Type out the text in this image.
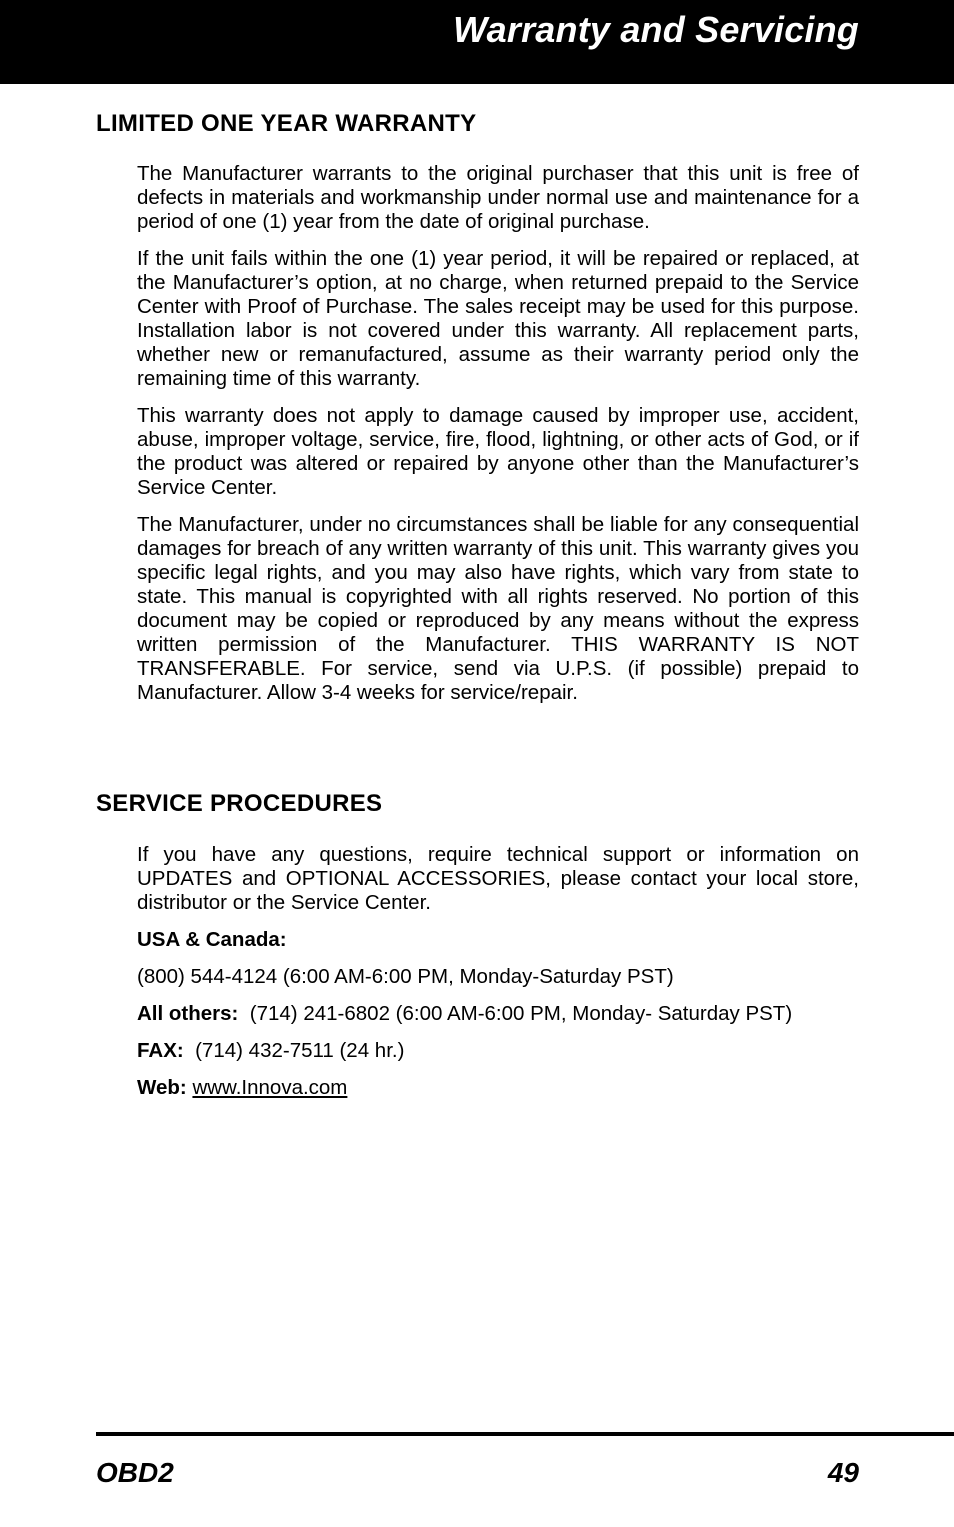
Warranty and Servicing
LIMITED ONE YEAR WARRANTY

The Manufacturer warrants to the original purchaser that this unit is free of defects in materials and workmanship under normal use and maintenance for a period of one (1) year from the date of original purchase.

If the unit fails within the one (1) year period, it will be repaired or replaced, at the Manufacturer’s option, at no charge, when returned prepaid to the Service Center with Proof of Purchase. The sales receipt may be used for this purpose. Installation labor is not covered under this warranty. All replacement parts, whether new or remanufactured, assume as their warranty period only the remaining time of this warranty.

This warranty does not apply to damage caused by improper use, accident, abuse, improper voltage, service, fire, flood, lightning, or other acts of God, or if the product was altered or repaired by anyone other than the Manufacturer’s Service Center.

The Manufacturer, under no circumstances shall be liable for any consequential damages for breach of any written warranty of this unit. This warranty gives you specific legal rights, and you may also have rights, which vary from state to state. This manual is copyrighted with all rights reserved. No portion of this document may be copied or reproduced by any means without the express written permission of the Manufacturer. THIS WARRANTY IS NOT TRANSFERABLE. For service, send via U.P.S. (if possible) prepaid to Manufacturer. Allow 3-4 weeks for service/repair.

SERVICE PROCEDURES

If you have any questions, require technical support or information on UPDATES and OPTIONAL ACCESSORIES, please contact your local store, distributor or the Service Center.

USA & Canada:
(800) 544-4124 (6:00 AM-6:00 PM, Monday-Saturday PST)
All others: (714) 241-6802 (6:00 AM-6:00 PM, Monday- Saturday PST)
FAX: (714) 432-7511 (24 hr.)
Web: www.Innova.com
OBD2	49
